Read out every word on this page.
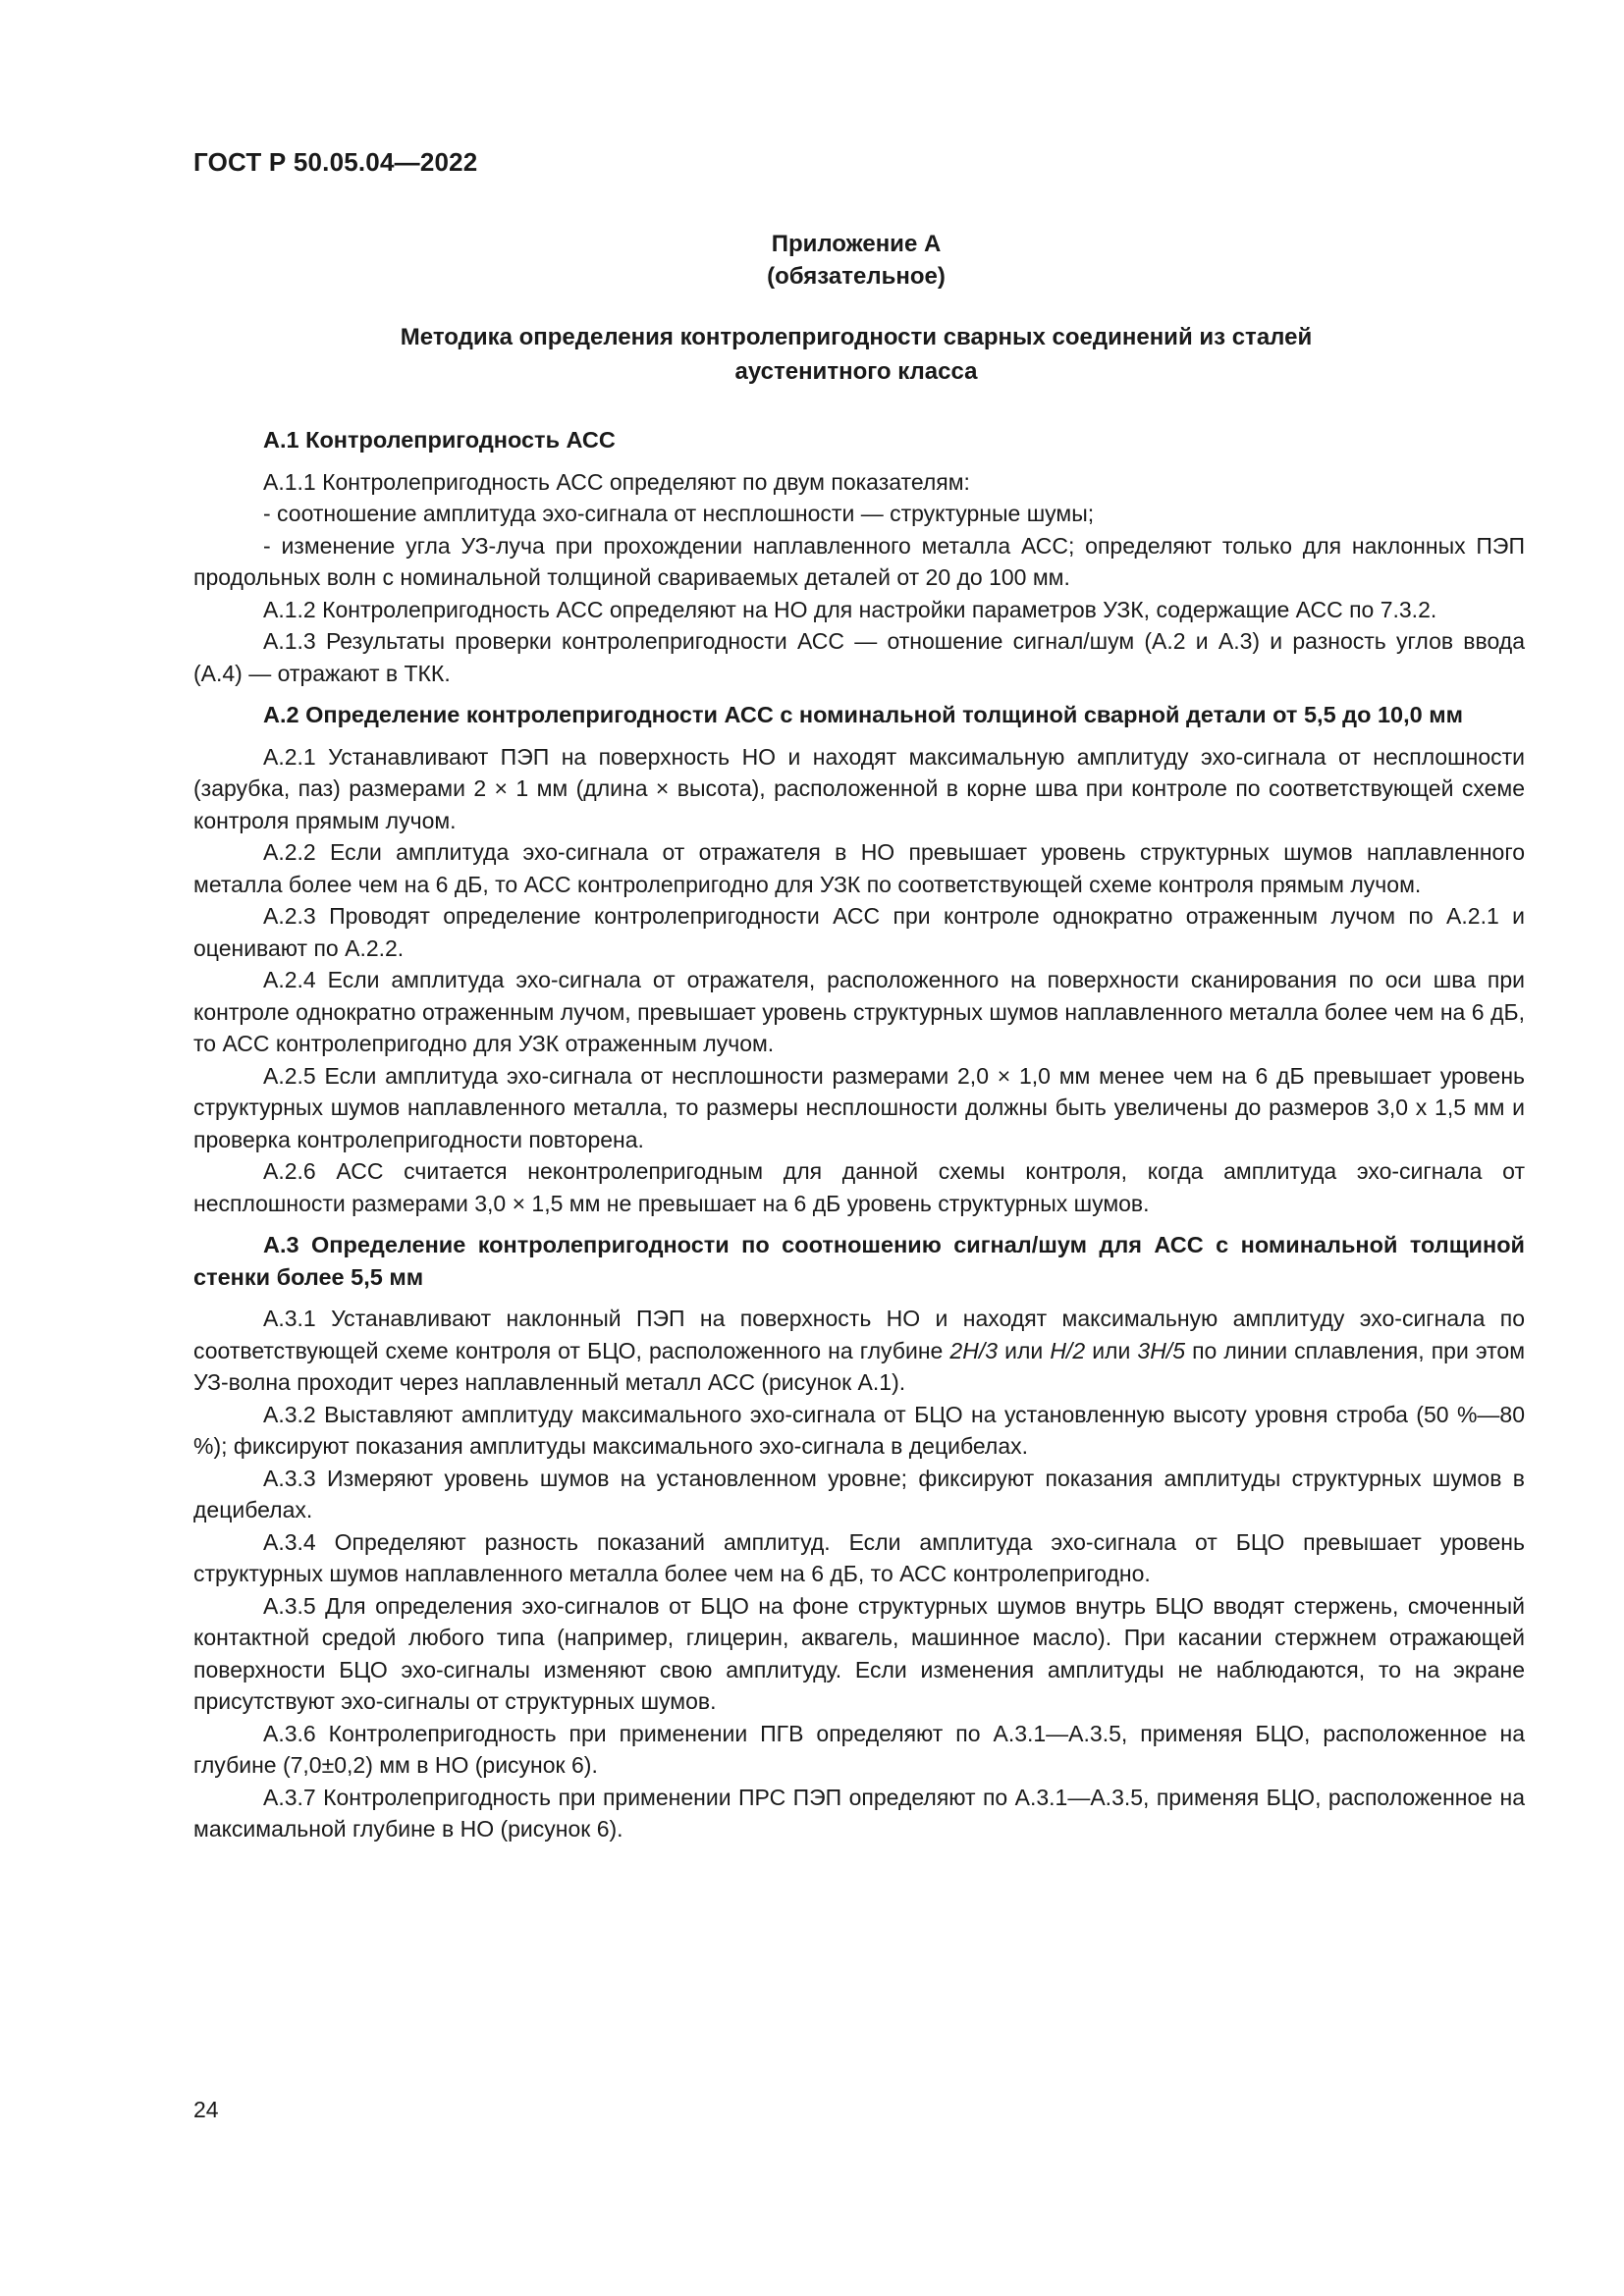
ГОСТ Р 50.05.04—2022
Приложение А
(обязательное)
Методика определения контролепригодности сварных соединений из сталей
аустенитного класса

А.1 Контролепригодность АСС

А.1.1 Контролепригодность АСС определяют по двум показателям:

- соотношение амплитуда эхо-сигнала от несплошности — структурные шумы;

- изменение угла УЗ-луча при прохождении наплавленного металла АСС; определяют только для наклонных ПЭП продольных волн с номинальной толщиной свариваемых деталей от 20 до 100 мм.

А.1.2 Контролепригодность АСС определяют на НО для настройки параметров УЗК, содержащие АСС по 7.3.2.

А.1.3 Результаты проверки контролепригодности АСС — отношение сигнал/шум (А.2 и А.3) и разность углов ввода (А.4) — отражают в ТКК.

А.2 Определение контролепригодности АСС с номинальной толщиной сварной детали от 5,5 до 10,0 мм

А.2.1 Устанавливают ПЭП на поверхность НО и находят максимальную амплитуду эхо-сигнала от несплошности (зарубка, паз) размерами 2 × 1 мм (длина × высота), расположенной в корне шва при контроле по соответствующей схеме контроля прямым лучом.

А.2.2 Если амплитуда эхо-сигнала от отражателя в НО превышает уровень структурных шумов наплавленного металла более чем на 6 дБ, то АСС контролепригодно для УЗК по соответствующей схеме контроля прямым лучом.

А.2.3 Проводят определение контролепригодности АСС при контроле однократно отраженным лучом по А.2.1 и оценивают по А.2.2.

А.2.4 Если амплитуда эхо-сигнала от отражателя, расположенного на поверхности сканирования по оси шва при контроле однократно отраженным лучом, превышает уровень структурных шумов наплавленного металла более чем на 6 дБ, то АСС контролепригодно для УЗК отраженным лучом.

А.2.5 Если амплитуда эхо-сигнала от несплошности размерами 2,0 × 1,0 мм менее чем на 6 дБ превышает уровень структурных шумов наплавленного металла, то размеры несплошности должны быть увеличены до размеров 3,0 х 1,5 мм и проверка контролепригодности повторена.

А.2.6 АСС считается неконтролепригодным для данной схемы контроля, когда амплитуда эхо-сигнала от несплошности размерами 3,0 × 1,5 мм не превышает на 6 дБ уровень структурных шумов.

А.3 Определение контролепригодности по соотношению сигнал/шум для АСС с номинальной толщиной стенки более 5,5 мм

А.3.1 Устанавливают наклонный ПЭП на поверхность НО и находят максимальную амплитуду эхо-сигнала по соответствующей схеме контроля от БЦО, расположенного на глубине 2Н/3 или Н/2 или 3Н/5 по линии сплавления, при этом УЗ-волна проходит через наплавленный металл АСС (рисунок А.1).

А.3.2 Выставляют амплитуду максимального эхо-сигнала от БЦО на установленную высоту уровня строба (50 %—80 %); фиксируют показания амплитуды максимального эхо-сигнала в децибелах.

А.3.3 Измеряют уровень шумов на установленном уровне; фиксируют показания амплитуды структурных шумов в децибелах.

А.3.4 Определяют разность показаний амплитуд. Если амплитуда эхо-сигнала от БЦО превышает уровень структурных шумов наплавленного металла более чем на 6 дБ, то АСС контролепригодно.

А.3.5 Для определения эхо-сигналов от БЦО на фоне структурных шумов внутрь БЦО вводят стержень, смоченный контактной средой любого типа (например, глицерин, аквагель, машинное масло). При касании стержнем отражающей поверхности БЦО эхо-сигналы изменяют свою амплитуду. Если изменения амплитуды не наблюдаются, то на экране присутствуют эхо-сигналы от структурных шумов.

А.3.6 Контролепригодность при применении ПГВ определяют по А.3.1—А.3.5, применяя БЦО, расположенное на глубине (7,0±0,2) мм в НО (рисунок 6).

А.3.7 Контролепригодность при применении ПРС ПЭП определяют по А.3.1—А.3.5, применяя БЦО, расположенное на максимальной глубине в НО (рисунок 6).

24
